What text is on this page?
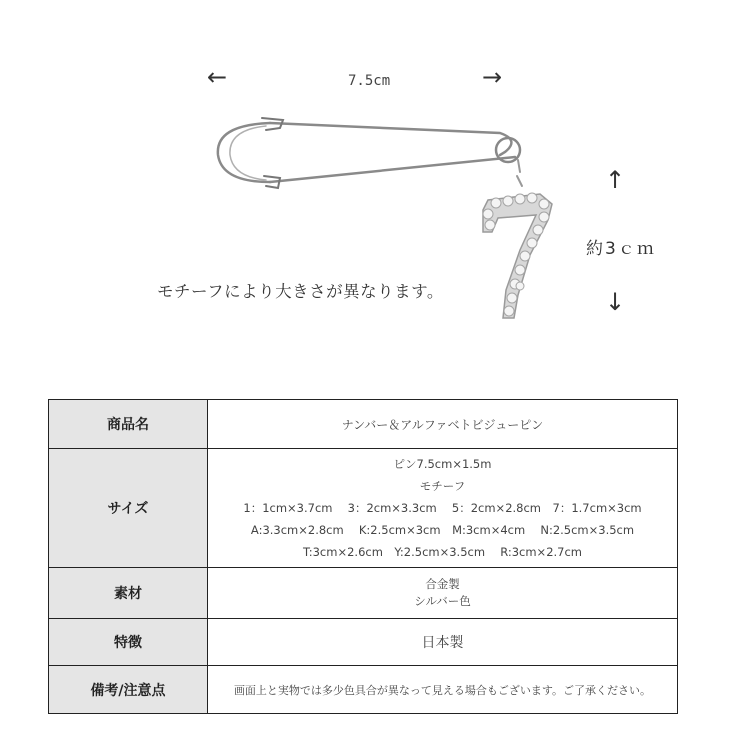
←	7.5cm	→
↑
約3ｃｍ
↓
モチーフにより大きさが異なります。
商品名	ナンバー＆アルファベトビジューピン
サイズ	ピン7.5cm×1.5m
モチーフ
1：1cm×3.7cm　 3：2cm×3.3cm　 5：2cm×2.8cm　7：1.7cm×3cm
A:3.3cm×2.8cm　 K:2.5cm×3cm　M:3cm×4cm　 N:2.5cm×3.5cm
T:3cm×2.6cm　Y:2.5cm×3.5cm　 R:3cm×2.7cm

素材	合金製
シルバー色

特徴	日本製
備考/注意点	画面上と実物では多少色具合が異なって見える場合もございます。ご了承ください。
